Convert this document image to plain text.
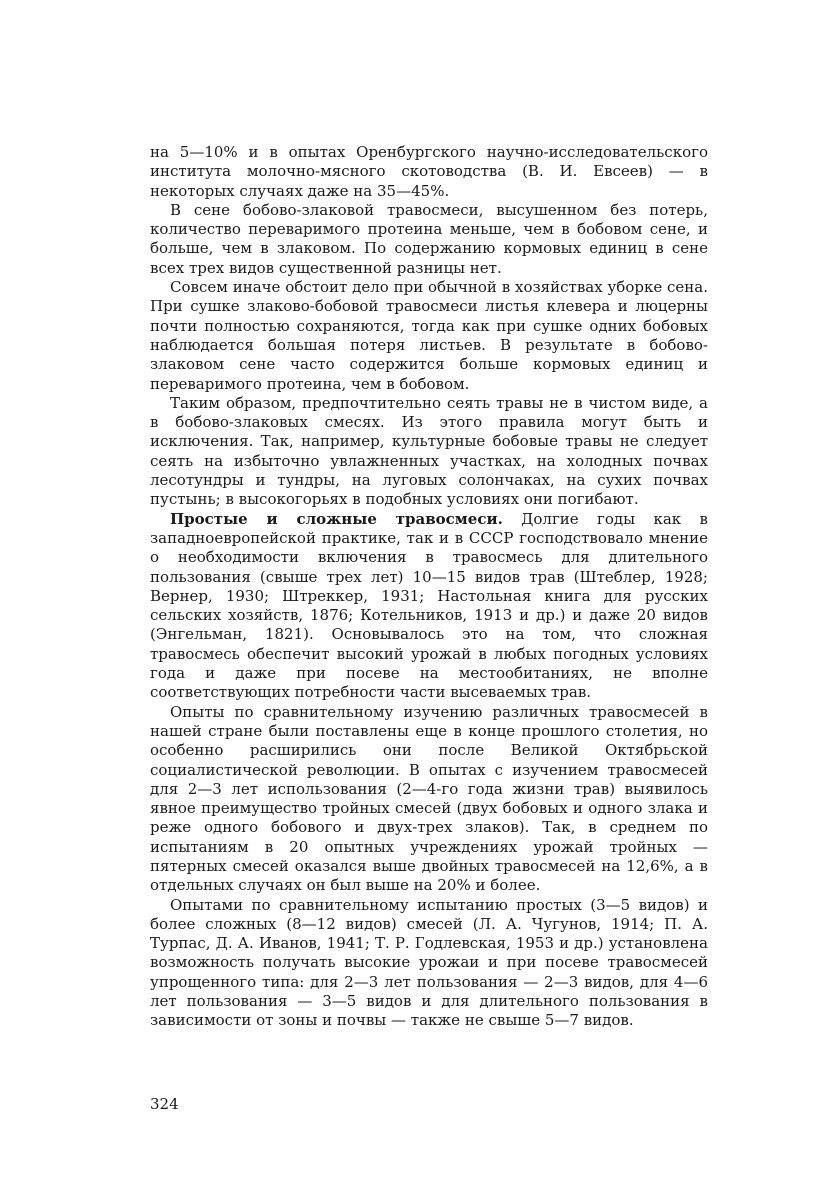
на 5—10% и в опытах Оренбургского научно-исследовательского института молочно-мясного скотоводства (В. И. Евсеев) — в некоторых случаях даже на 35—45%.

В сене бобово-злаковой травосмеси, высушенном без потерь, количество переваримого протеина меньше, чем в бобовом сене, и больше, чем в злаковом. По содержанию кормовых единиц в сене всех трех видов существенной разницы нет.

Совсем иначе обстоит дело при обычной в хозяйствах уборке сена. При сушке злаково-бобовой травосмеси листья клевера и люцерны почти полностью сохраняются, тогда как при сушке одних бобовых наблюдается большая потеря листьев. В результате в бобово-злаковом сене часто содержится больше кормовых единиц и переваримого протеина, чем в бобовом.

Таким образом, предпочтительно сеять травы не в чистом виде, а в бобово-злаковых смесях. Из этого правила могут быть и исключения. Так, например, культурные бобовые травы не следует сеять на избыточно увлажненных участках, на холодных почвах лесотундры и тундры, на луговых солончаках, на сухих почвах пустынь; в высокогорьях в подобных условиях они погибают.

Простые и сложные травосмеси. Долгие годы как в западноевропейской практике, так и в СССР господствовало мнение о необходимости включения в травосмесь для длительного пользования (свыше трех лет) 10—15 видов трав (Штеблер, 1928; Вернер, 1930; Штреккер, 1931; Настольная книга для русских сельских хозяйств, 1876; Котельников, 1913 и др.) и даже 20 видов (Энгельман, 1821). Основывалось это на том, что сложная травосмесь обеспечит высокий урожай в любых погодных условиях года и даже при посеве на местообитаниях, не вполне соответствующих потребности части высеваемых трав.

Опыты по сравнительному изучению различных травосмесей в нашей стране были поставлены еще в конце прошлого столетия, но особенно расширились они после Великой Октябрьской социалистической революции. В опытах с изучением травосмесей для 2—3 лет использования (2—4-го года жизни трав) выявилось явное преимущество тройных смесей (двух бобовых и одного злака и реже одного бобового и двух-трех злаков). Так, в среднем по испытаниям в 20 опытных учреждениях урожай тройных — пятерных смесей оказался выше двойных травосмесей на 12,6%, а в отдельных случаях он был выше на 20% и более.

Опытами по сравнительному испытанию простых (3—5 видов) и более сложных (8—12 видов) смесей (Л. А. Чугунов, 1914; П. А. Турпас, Д. А. Иванов, 1941; Т. Р. Годлевская, 1953 и др.) установлена возможность получать высокие урожаи и при посеве травосмесей упрощенного типа: для 2—3 лет пользования — 2—3 видов, для 4—6 лет пользования — 3—5 видов и для длительного пользования в зависимости от зоны и почвы — также не свыше 5—7 видов.

324
